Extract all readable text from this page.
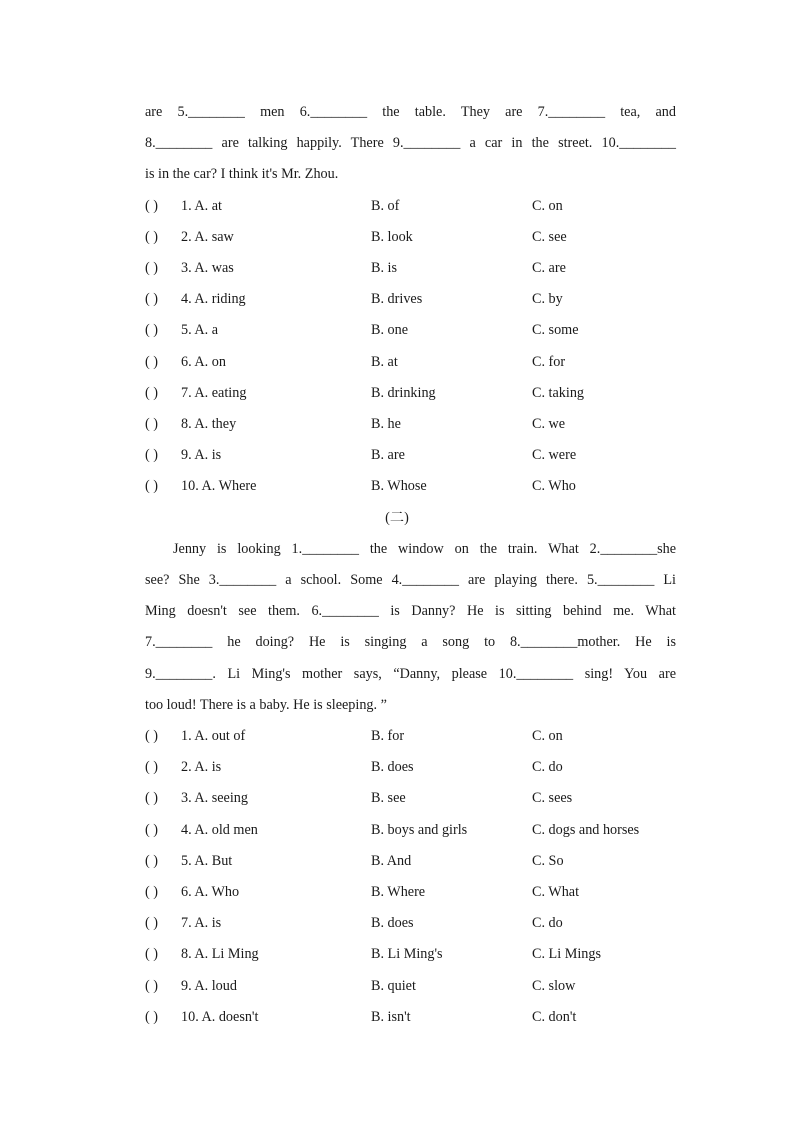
are 5.________ men 6.________ the table. They are 7.________ tea, and
8.________ are talking happily. There 9.________ a car in the street. 10.________
is in the car? I think it's Mr. Zhou.
( ) 1. A. at	B. of	C. on
( ) 2. A. saw	B. look	C. see
( ) 3. A. was	B. is	C. are
( ) 4. A. riding	B. drives	C. by
( ) 5. A. a	B. one	C. some
( ) 6. A. on	B. at	C. for
( ) 7. A. eating	B. drinking	C. taking
( ) 8. A. they	B. he	C. we
( ) 9. A. is	B. are	C. were
( ) 10. A. Where	B. Whose	C. Who
(二)
Jenny is looking 1.________ the window on the train. What 2.________she
see? She 3.________ a school. Some 4.________ are playing there. 5.________ Li
Ming doesn't see them. 6.________ is Danny? He is sitting behind me. What
7.________ he doing? He is singing a song to 8.________mother. He is
9.________. Li Ming's mother says, “Danny, please 10.________ sing! You are
too loud! There is a baby. He is sleeping. ”
( ) 1. A. out of	B. for	C. on
( ) 2. A. is	B. does	C. do
( ) 3. A. seeing	B. see	C. sees
( ) 4. A. old men	B. boys and girls	C. dogs and horses
( ) 5. A. But	B. And	C. So
( ) 6. A. Who	B. Where	C. What
( ) 7. A. is	B. does	C. do
( ) 8. A. Li Ming	B. Li Ming's	C. Li Mings
( ) 9. A. loud	B. quiet	C. slow
( ) 10. A. doesn't	B. isn't	C. don't
